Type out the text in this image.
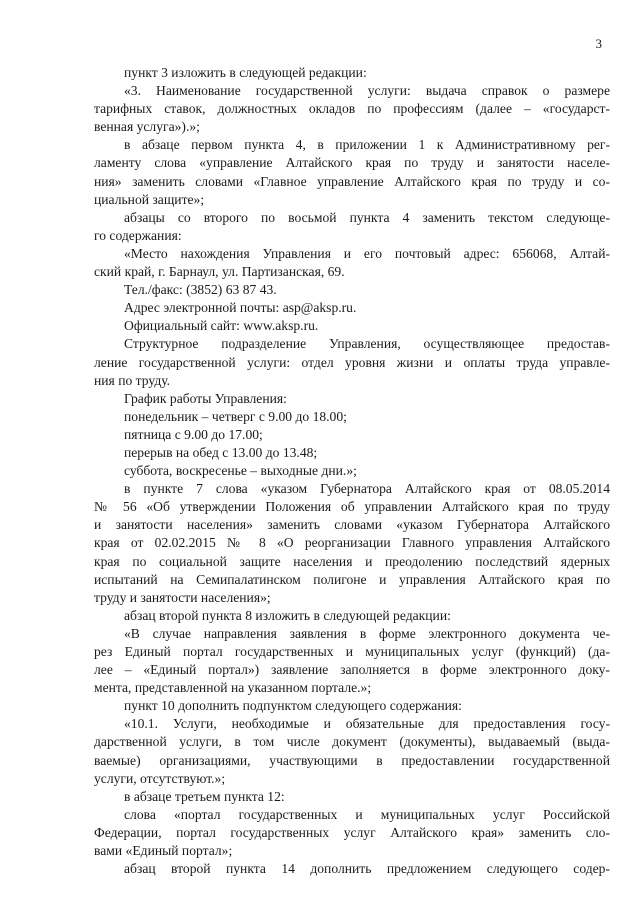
3
пункт 3 изложить в следующей редакции:
«3. Наименование государственной услуги: выдача справок о размере
тарифных ставок, должностных окладов по профессиям (далее – «государст-
венная услуга»).»;
в абзаце первом пункта 4, в приложении 1 к Административному рег-
ламенту слова «управление Алтайского края по труду и занятости населе-
ния» заменить словами «Главное управление Алтайского края по труду и со-
циальной защите»;
абзацы со второго по восьмой пункта 4 заменить текстом следующе-
го содержания:
«Место нахождения Управления и его почтовый адрес: 656068, Алтай-
ский край, г. Барнаул, ул. Партизанская, 69.
Тел./факс: (3852) 63 87 43.
Адрес электронной почты: asp@aksp.ru.
Официальный сайт: www.aksp.ru.
Структурное подразделение Управления, осуществляющее предостав-
ление государственной услуги: отдел уровня жизни и оплаты труда управле-
ния по труду.
График работы Управления:
понедельник – четверг с 9.00 до 18.00;
пятница с 9.00 до 17.00;
перерыв на обед с 13.00 до 13.48;
суббота, воскресенье – выходные дни.»;
в пункте 7 слова «указом Губернатора Алтайского края от 08.05.2014
№ 56 «Об утверждении Положения об управлении Алтайского края по труду
и занятости населения» заменить словами «указом Губернатора Алтайского
края от 02.02.2015 № 8 «О реорганизации Главного управления Алтайского
края по социальной защите населения и преодолению последствий ядерных
испытаний на Семипалатинском полигоне и управления Алтайского края по
труду и занятости населения»;
абзац второй пункта 8 изложить в следующей редакции:
«В случае направления заявления в форме электронного документа че-
рез Единый портал государственных и муниципальных услуг (функций) (да-
лее – «Единый портал») заявление заполняется в форме электронного доку-
мента, представленной на указанном портале.»;
пункт 10 дополнить подпунктом следующего содержания:
«10.1. Услуги, необходимые и обязательные для предоставления госу-
дарственной услуги, в том числе документ (документы), выдаваемый (выда-
ваемые) организациями, участвующими в предоставлении государственной
услуги, отсутствуют.»;
в абзаце третьем пункта 12:
слова «портал государственных и муниципальных услуг Российской
Федерации, портал государственных услуг Алтайского края» заменить сло-
вами «Единый портал»;
абзац второй пункта 14 дополнить предложением следующего содер-
